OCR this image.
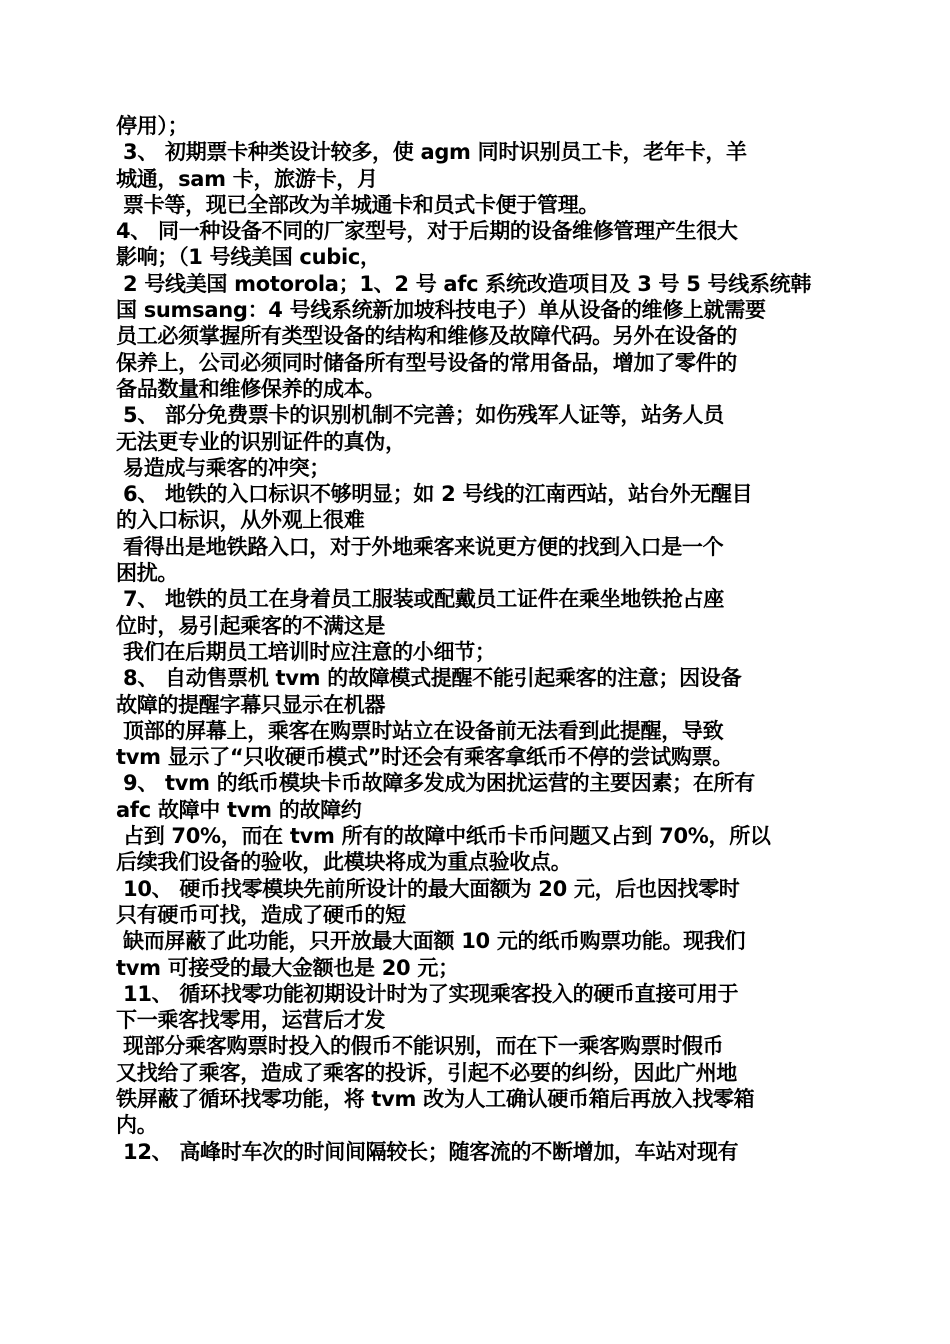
停用）；
3、 初期票卡种类设计较多，使 agm 同时识别员工卡，老年卡，羊
城通，sam 卡，旅游卡，月
票卡等，现已全部改为羊城通卡和员式卡便于管理。
4、 同一种设备不同的厂家型号，对于后期的设备维修管理产生很大
影响；（1 号线美国 cubic，
2 号线美国 motorola；1、2 号 afc 系统改造项目及 3 号 5 号线系统韩
国 sumsang：4 号线系统新加坡科技电子）单从设备的维修上就需要
员工必须掌握所有类型设备的结构和维修及故障代码。另外在设备的
保养上，公司必须同时储备所有型号设备的常用备品，增加了零件的
备品数量和维修保养的成本。
5、 部分免费票卡的识别机制不完善；如伤残军人证等，站务人员
无法更专业的识别证件的真伪，
易造成与乘客的冲突；
6、 地铁的入口标识不够明显；如 2 号线的江南西站，站台外无醒目
的入口标识，从外观上很难
看得出是地铁路入口，对于外地乘客来说更方便的找到入口是一个
困扰。
7、 地铁的员工在身着员工服装或配戴员工证件在乘坐地铁抢占座
位时，易引起乘客的不满这是
我们在后期员工培训时应注意的小细节；
8、 自动售票机 tvm 的故障模式提醒不能引起乘客的注意；因设备
故障的提醒字幕只显示在机器
顶部的屏幕上，乘客在购票时站立在设备前无法看到此提醒，导致
tvm 显示了“只收硬币模式”时还会有乘客拿纸币不停的尝试购票。
9、 tvm 的纸币模块卡币故障多发成为困扰运营的主要因素；在所有
afc 故障中 tvm 的故障约
占到 70%，而在 tvm 所有的故障中纸币卡币问题又占到 70%，所以
后续我们设备的验收，此模块将成为重点验收点。
10、 硬币找零模块先前所设计的最大面额为 20 元，后也因找零时
只有硬币可找，造成了硬币的短
缺而屏蔽了此功能，只开放最大面额 10 元的纸币购票功能。现我们
tvm 可接受的最大金额也是 20 元；
11、 循环找零功能初期设计时为了实现乘客投入的硬币直接可用于
下一乘客找零用，运营后才发
现部分乘客购票时投入的假币不能识别，而在下一乘客购票时假币
又找给了乘客，造成了乘客的投诉，引起不必要的纠纷，因此广州地
铁屏蔽了循环找零功能，将 tvm 改为人工确认硬币箱后再放入找零箱
内。
12、 高峰时车次的时间间隔较长；随客流的不断增加，车站对现有
